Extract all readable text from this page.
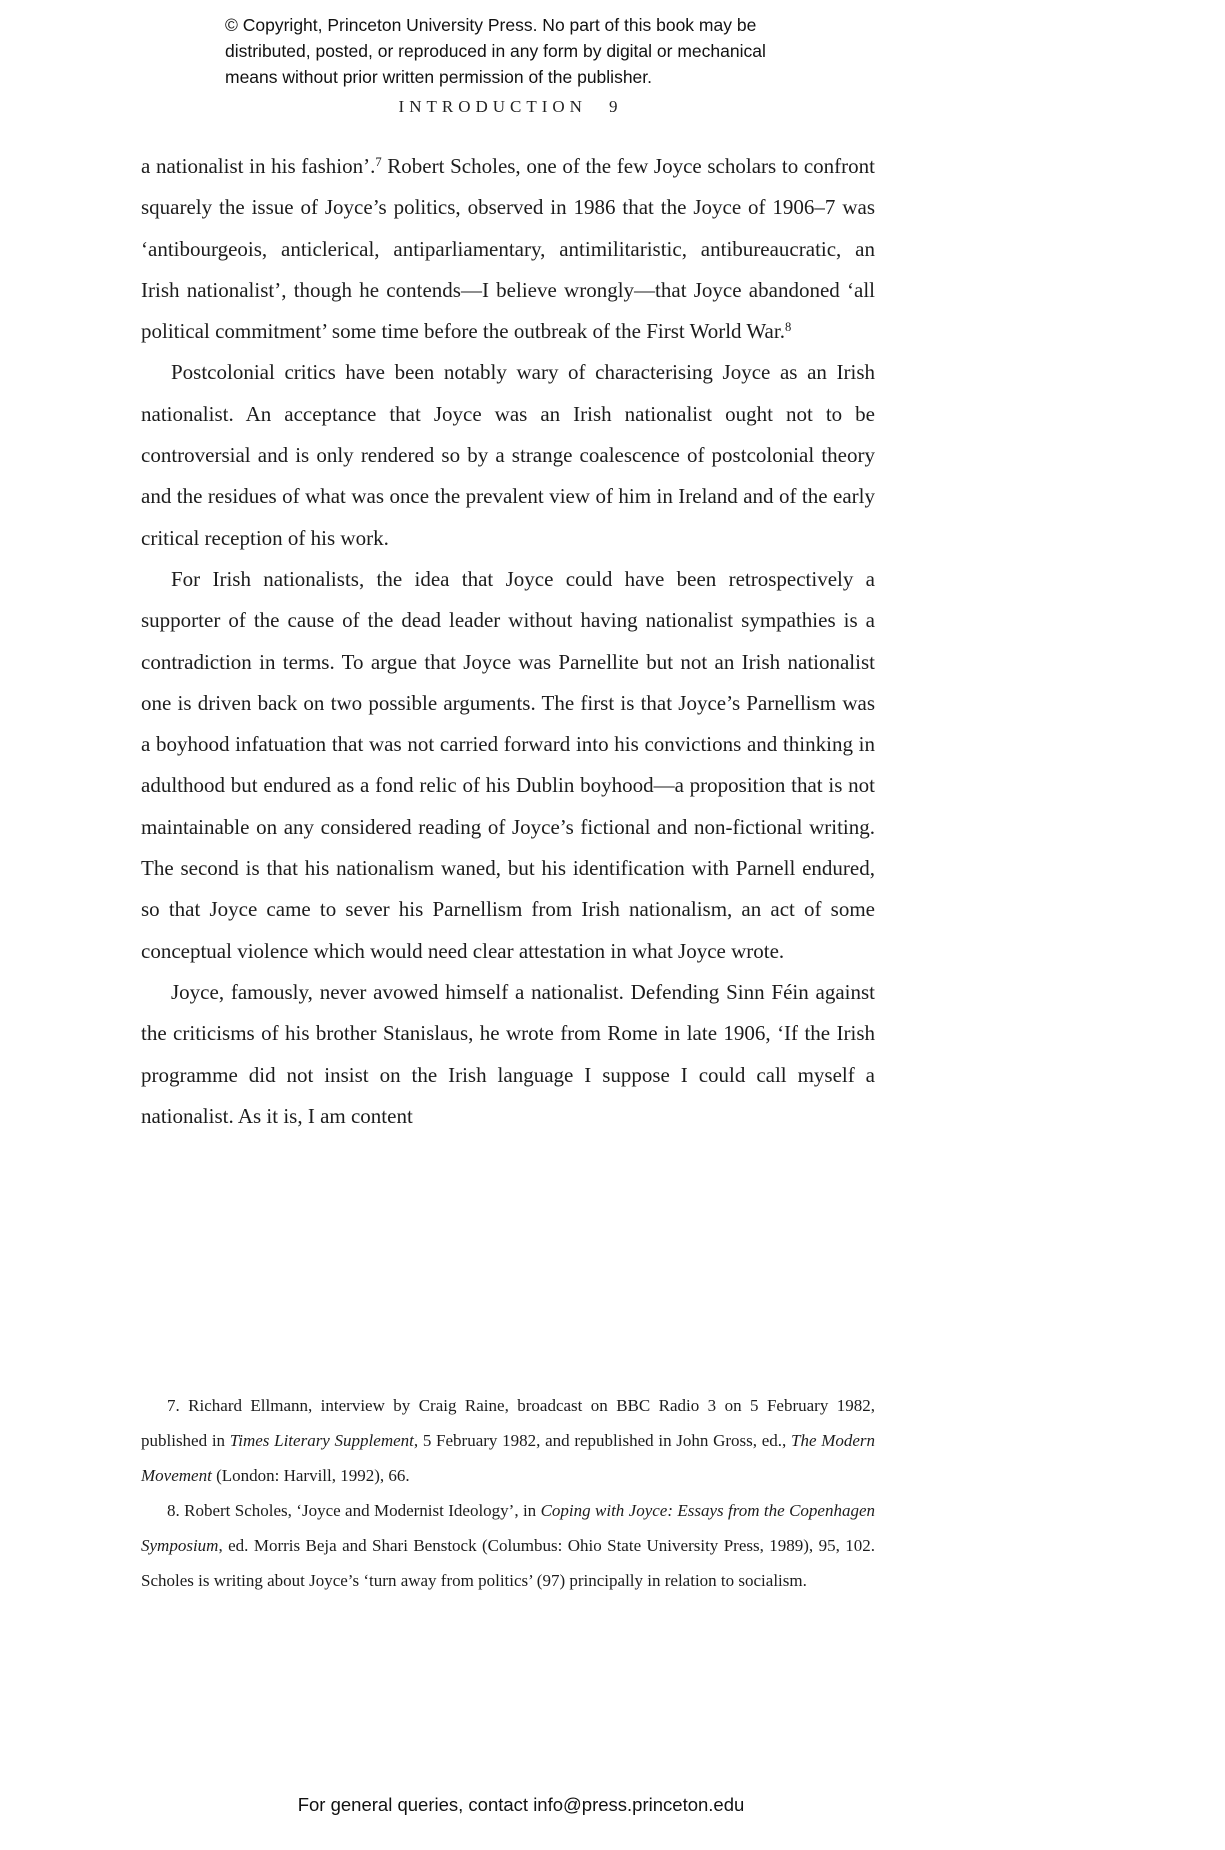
© Copyright, Princeton University Press. No part of this book may be
distributed, posted, or reproduced in any form by digital or mechanical
means without prior written permission of the publisher.
INTRODUCTION 9

a nationalist in his fashion’.$^7$ Robert Scholes, one of the few Joyce scholars to confront squarely the issue of Joyce’s politics, observed in 1986 that the Joyce of 1906–7 was ‘antibourgeois, anticlerical, antiparliamentary, antimilitaristic, antibureaucratic, an Irish nationalist’, though he contends—I believe wrongly—that Joyce abandoned ‘all political commitment’ some time before the outbreak of the First World War.$^8$

Postcolonial critics have been notably wary of characterising Joyce as an Irish nationalist. An acceptance that Joyce was an Irish nationalist ought not to be controversial and is only rendered so by a strange coalescence of postcolonial theory and the residues of what was once the prevalent view of him in Ireland and of the early critical reception of his work.

For Irish nationalists, the idea that Joyce could have been retrospectively a supporter of the cause of the dead leader without having nationalist sympathies is a contradiction in terms. To argue that Joyce was Parnellite but not an Irish nationalist one is driven back on two possible arguments. The first is that Joyce’s Parnellism was a boyhood infatuation that was not carried forward into his convictions and thinking in adulthood but endured as a fond relic of his Dublin boyhood—a proposition that is not maintainable on any considered reading of Joyce’s fictional and non-fictional writing. The second is that his nationalism waned, but his identification with Parnell endured, so that Joyce came to sever his Parnellism from Irish nationalism, an act of some conceptual violence which would need clear attestation in what Joyce wrote.

Joyce, famously, never avowed himself a nationalist. Defending Sinn Féin against the criticisms of his brother Stanislaus, he wrote from Rome in late 1906, ‘If the Irish programme did not insist on the Irish language I suppose I could call myself a nationalist. As it is, I am content

7. Richard Ellmann, interview by Craig Raine, broadcast on BBC Radio 3 on 5 February 1982, published in Times Literary Supplement, 5 February 1982, and republished in John Gross, ed., The Modern Movement (London: Harvill, 1992), 66.

8. Robert Scholes, ‘Joyce and Modernist Ideology’, in Coping with Joyce: Essays from the Copenhagen Symposium, ed. Morris Beja and Shari Benstock (Columbus: Ohio State University Press, 1989), 95, 102. Scholes is writing about Joyce’s ‘turn away from politics’ (97) principally in relation to socialism.

For general queries, contact info@press.princeton.edu
